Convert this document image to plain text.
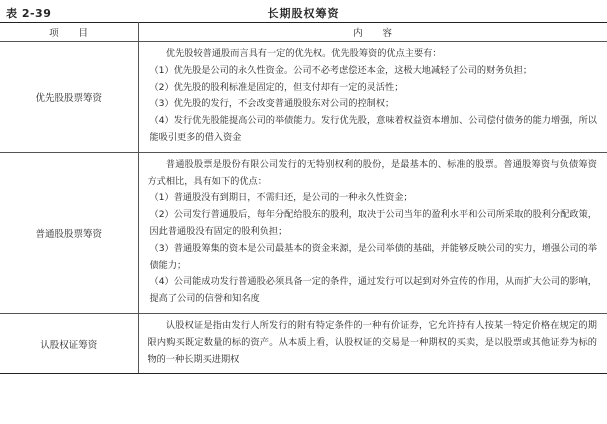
表 2-39	长期股权筹资
项　　目	内　　容
优先股股票筹资	优先股较普通股而言具有一定的优先权。优先股筹资的优点主要有：

（1）优先股是公司的永久性资金。公司不必考虑偿还本金，这极大地减轻了公司的财务负担；

（2）优先股的股利标准是固定的，但支付却有一定的灵活性；

（3）优先股的发行，不会改变普通股股东对公司的控制权；

（4）发行优先股能提高公司的举债能力。发行优先股，意味着权益资本增加、公司偿付债务的能力增强，所以能吸引更多的借入资金

普通股股票筹资	普通股股票是股份有限公司发行的无特别权利的股份，是最基本的、标准的股票。普通股筹资与负债筹资方式相比，具有如下的优点：

（1）普通股没有到期日，不需归还，是公司的一种永久性资金；

（2）公司发行普通股后，每年分配给股东的股利，取决于公司当年的盈利水平和公司所采取的股利分配政策，因此普通股没有固定的股利负担；

（3）普通股筹集的资本是公司最基本的资金来源，是公司举债的基础，并能够反映公司的实力，增强公司的举债能力；

（4）公司能成功发行普通股必须具备一定的条件，通过发行可以起到对外宣传的作用，从而扩大公司的影响，提高了公司的信誉和知名度

认股权证筹资	认股权证是指由发行人所发行的附有特定条件的一种有价证券，它允许持有人按某一特定价格在规定的期限内购买既定数量的标的资产。从本质上看，认股权证的交易是一种期权的买卖，是以股票或其他证券为标的物的一种长期买进期权
